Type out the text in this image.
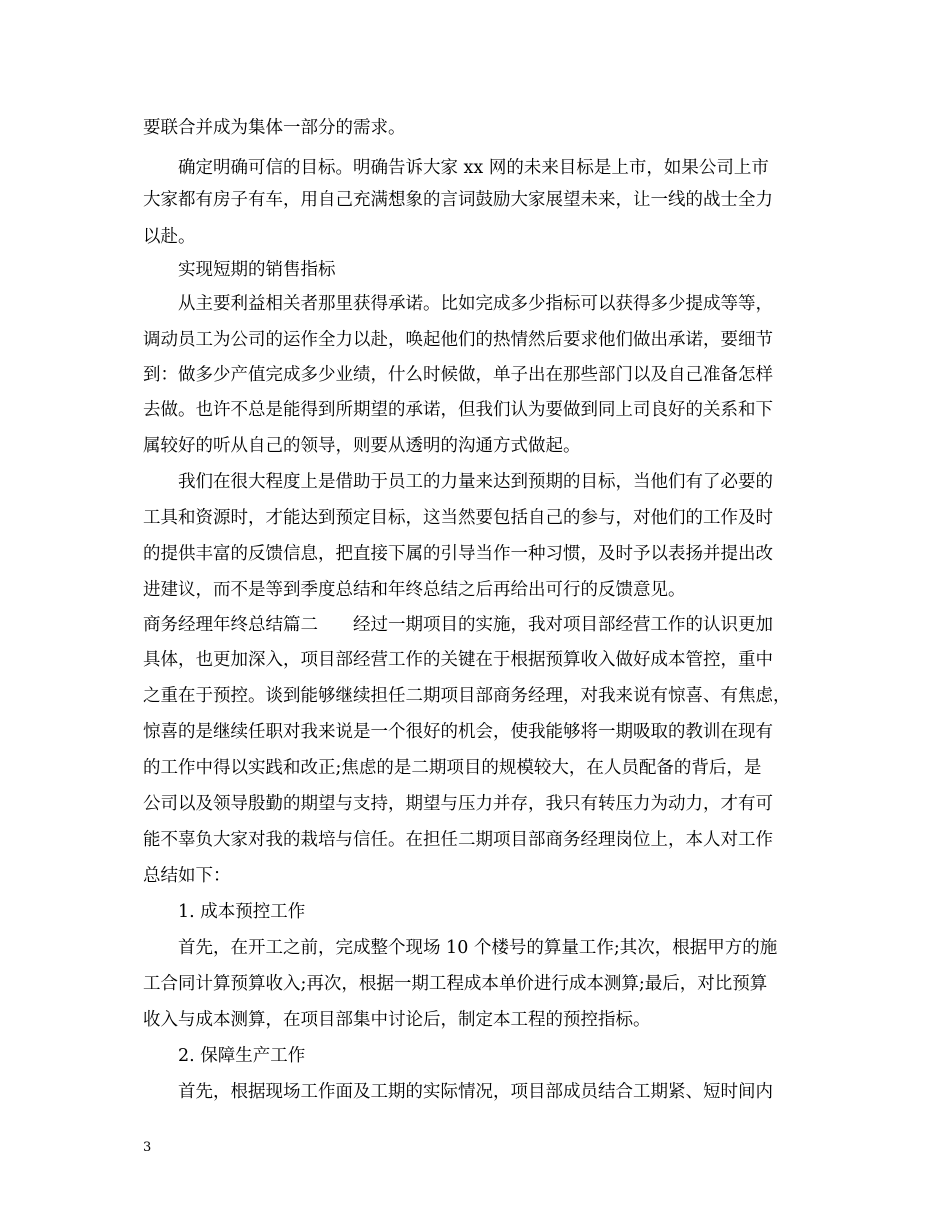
要联合并成为集体一部分的需求。
确定明确可信的目标。明确告诉大家 xx 网的未来目标是上市，如果公司上市
大家都有房子有车，用自己充满想象的言词鼓励大家展望未来，让一线的战士全力
以赴。
实现短期的销售指标
从主要利益相关者那里获得承诺。比如完成多少指标可以获得多少提成等等，
调动员工为公司的运作全力以赴，唤起他们的热情然后要求他们做出承诺，要细节
到：做多少产值完成多少业绩，什么时候做，单子出在那些部门以及自己准备怎样
去做。也许不总是能得到所期望的承诺，但我们认为要做到同上司良好的关系和下
属较好的听从自己的领导，则要从透明的沟通方式做起。
我们在很大程度上是借助于员工的力量来达到预期的目标，当他们有了必要的
工具和资源时，才能达到预定目标，这当然要包括自己的参与，对他们的工作及时
的提供丰富的反馈信息，把直接下属的引导当作一种习惯，及时予以表扬并提出改
进建议，而不是等到季度总结和年终总结之后再给出可行的反馈意见。
商务经理年终总结篇二　　经过一期项目的实施，我对项目部经营工作的认识更加
具体，也更加深入，项目部经营工作的关键在于根据预算收入做好成本管控，重中
之重在于预控。谈到能够继续担任二期项目部商务经理，对我来说有惊喜、有焦虑，
惊喜的是继续任职对我来说是一个很好的机会，使我能够将一期吸取的教训在现有
的工作中得以实践和改正;焦虑的是二期项目的规模较大，在人员配备的背后，是
公司以及领导殷勤的期望与支持，期望与压力并存，我只有转压力为动力，才有可
能不辜负大家对我的栽培与信任。在担任二期项目部商务经理岗位上，本人对工作
总结如下：
1. 成本预控工作
首先，在开工之前，完成整个现场 10 个楼号的算量工作;其次，根据甲方的施
工合同计算预算收入;再次，根据一期工程成本单价进行成本测算;最后，对比预算
收入与成本测算，在项目部集中讨论后，制定本工程的预控指标。
2. 保障生产工作
首先，根据现场工作面及工期的实际情况，项目部成员结合工期紧、短时间内
3
